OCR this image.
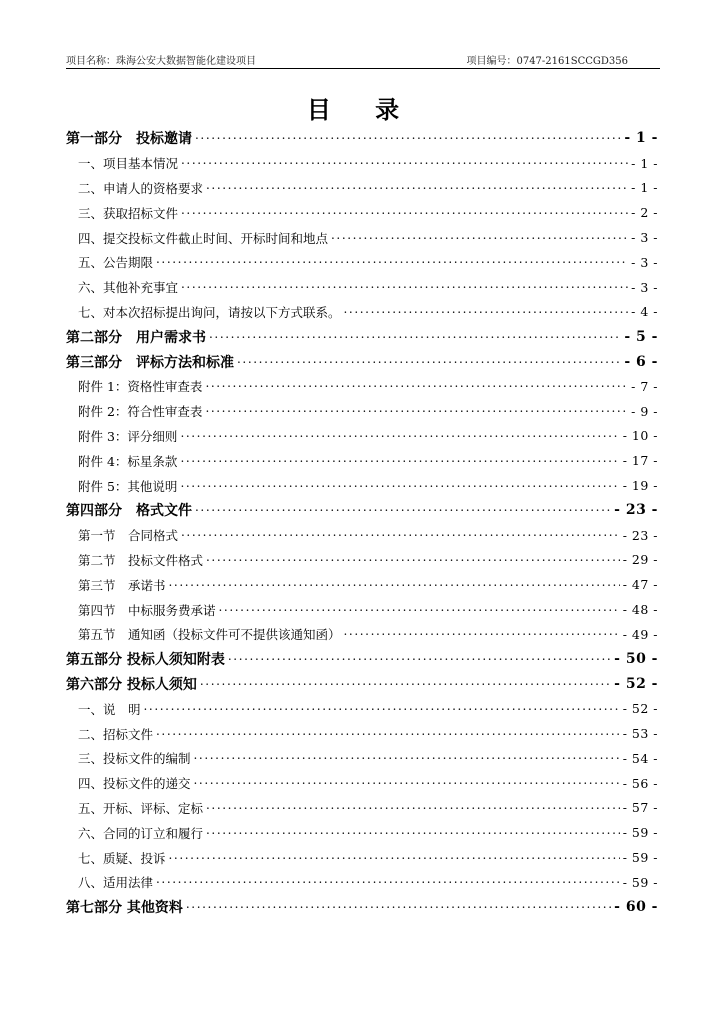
项目名称：珠海公安大数据智能化建设项目	项目编号：0747-2161SCCGD356
目 录
第一部分　投标邀请 .....	- 1 -
一、项目基本情况 .....	- 1 -
二、申请人的资格要求 .....	- 1 -
三、获取招标文件 .....	- 2 -
四、提交投标文件截止时间、开标时间和地点 .....	- 3 -
五、公告期限 .....	- 3 -
六、其他补充事宜 .....	- 3 -
七、对本次招标提出询问，请按以下方式联系。 .....	- 4 -
第二部分　用户需求书 .....	- 5 -
第三部分　评标方法和标准 .....	- 6 -
附件 1：资格性审查表 .....	- 7 -
附件 2：符合性审查表 .....	- 9 -
附件 3：评分细则 .....	- 10 -
附件 4：标星条款 .....	- 17 -
附件 5：其他说明 .....	- 19 -
第四部分　格式文件 .....	- 23 -
第一节　合同格式 .....	- 23 -
第二节　投标文件格式 .....	- 29 -
第三节　承诺书 .....	- 47 -
第四节　中标服务费承诺 .....	- 48 -
第五节　通知函（投标文件可不提供该通知函） .....	- 49 -
第五部分 投标人须知附表 .....	- 50 -
第六部分 投标人须知 .....	- 52 -
一、说　明 .....	- 52 -
二、招标文件 .....	- 53 -
三、投标文件的编制 .....	- 54 -
四、投标文件的递交 .....	- 56 -
五、开标、评标、定标 .....	- 57 -
六、合同的订立和履行 .....	- 59 -
七、质疑、投诉 .....	- 59 -
八、适用法律 .....	- 59 -
第七部分 其他资料 .....	- 60 -
